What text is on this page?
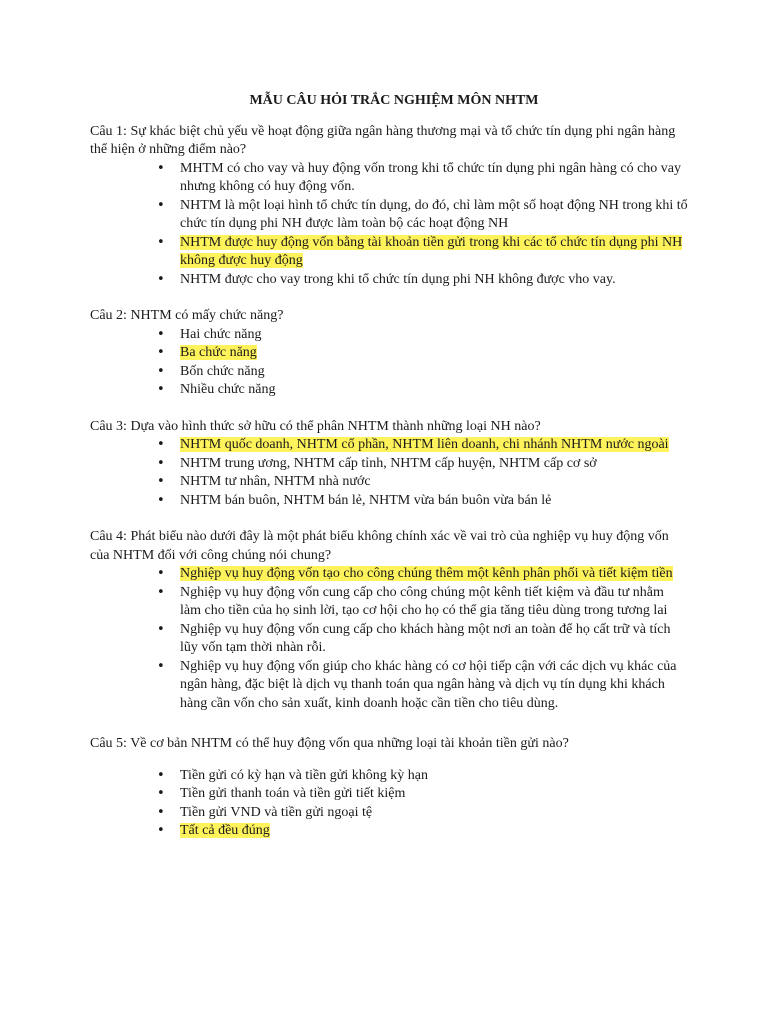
MẪU CÂU HỎI TRẮC NGHIỆM MÔN NHTM

Câu 1: Sự khác biệt chủ yếu về hoạt động giữa ngân hàng thương mại và tổ chức tín dụng phi ngân hàng thể hiện ở những điểm nào?

• MHTM có cho vay và huy động vốn trong khi tổ chức tín dụng phi ngân hàng có cho vay nhưng không có huy động vốn.
• NHTM là một loại hình tổ chức tín dụng, do đó, chỉ làm một số hoạt động NH trong khi tổ chức tín dụng phi NH được làm toàn bộ các hoạt động NH
• NHTM được huy động vốn bằng tài khoản tiền gửi trong khi các tổ chức tín dụng phi NH không được huy động
• NHTM được cho vay trong khi tổ chức tín dụng phi NH không được vho vay.

Câu 2: NHTM có mấy chức năng?

• Hai chức năng
• Ba chức năng
• Bốn chức năng
• Nhiều chức năng

Câu 3: Dựa vào hình thức sở hữu có thể phân NHTM thành những loại NH nào?

• NHTM quốc doanh, NHTM cổ phần, NHTM liên doanh, chi nhánh NHTM nước ngoài
• NHTM trung ương, NHTM cấp tỉnh, NHTM cấp huyện, NHTM cấp cơ sở
• NHTM tư nhân, NHTM nhà nước
• NHTM bán buôn, NHTM bán lẻ, NHTM vừa bán buôn vừa bán lẻ

Câu 4: Phát biểu nào dưới đây là một phát biểu không chính xác về vai trò của nghiệp vụ huy động vốn của NHTM đối với công chúng nói chung?

• Nghiệp vụ huy động vốn tạo cho công chúng thêm một kênh phân phối và tiết kiệm tiền
• Nghiệp vụ huy động vốn cung cấp cho công chúng một kênh tiết kiệm và đầu tư nhằm làm cho tiền của họ sinh lời, tạo cơ hội cho họ có thể gia tăng tiêu dùng trong tương lai
• Nghiệp vụ huy động vốn cung cấp cho khách hàng một nơi an toàn để họ cất trữ và tích lũy vốn tạm thời nhàn rỗi.
• Nghiệp vụ huy động vốn giúp cho khác hàng có cơ hội tiếp cận với các dịch vụ khác của ngân hàng, đặc biệt là dịch vụ thanh toán qua ngân hàng và dịch vụ tín dụng khi khách hàng cần vốn cho sản xuất, kinh doanh hoặc cần tiền cho tiêu dùng.

Câu 5: Về cơ bản NHTM có thể huy động vốn qua những loại tài khoản tiền gửi nào?

• Tiền gửi có kỳ hạn và tiền gửi không kỳ hạn
• Tiền gửi thanh toán và tiền gửi tiết kiệm
• Tiền gửi VND và tiền gửi ngoại tệ
• Tất cả đều đúng
